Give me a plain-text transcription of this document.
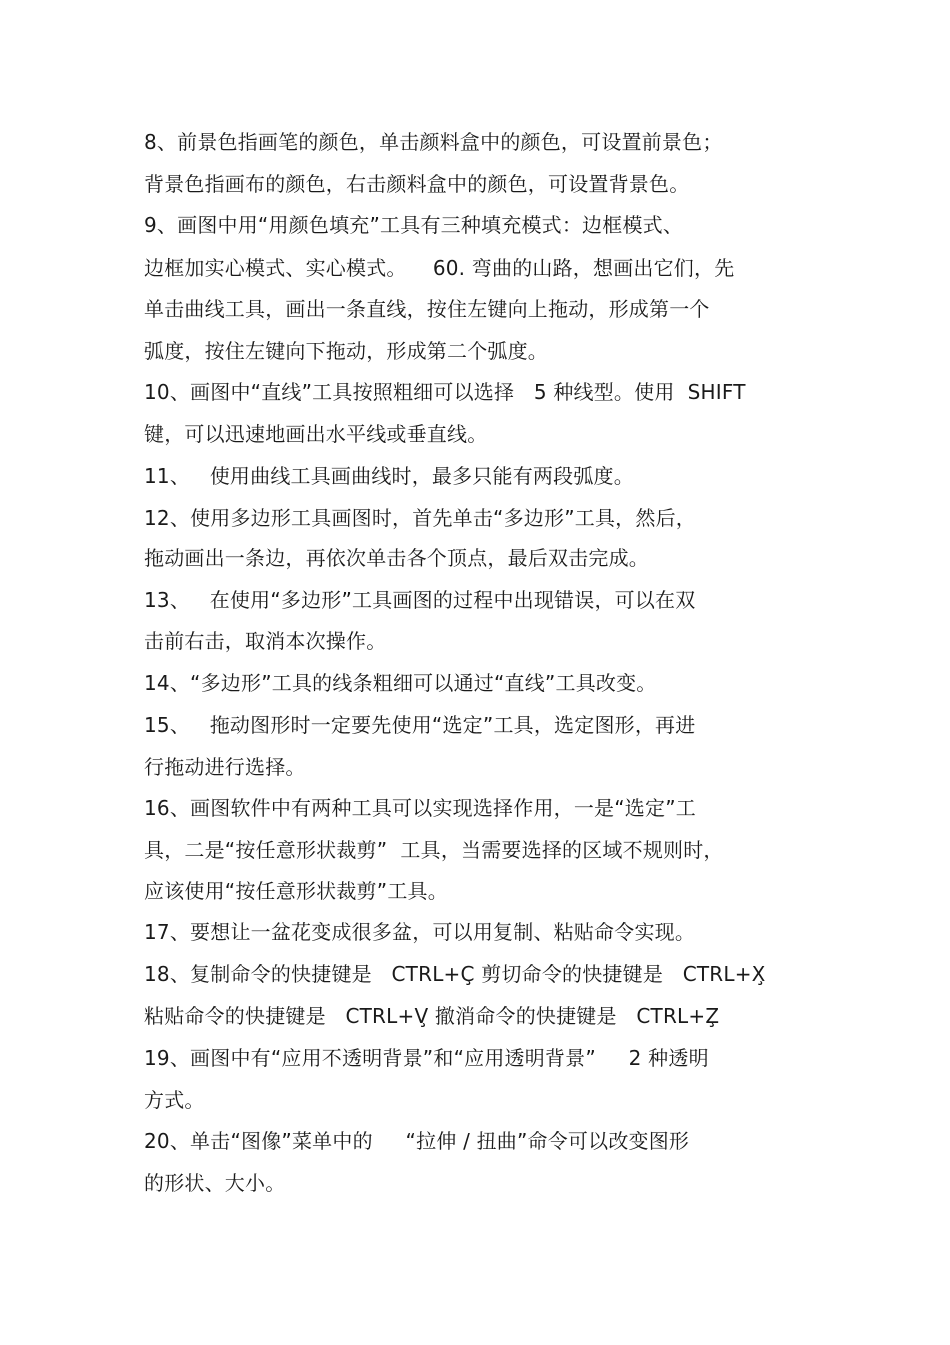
8、前景色指画笔的颜色，单击颜料盒中的颜色，可设置前景色；
背景色指画布的颜色，右击颜料盒中的颜色，可设置背景色。
9、画图中用“用颜色填充”工具有三种填充模式：边框模式、
边框加实心模式、实心模式。    60. 弯曲的山路，想画出它们，先
单击曲线工具，画出一条直线，按住左键向上拖动，形成第一个
弧度，按住左键向下拖动，形成第二个弧度。
10、画图中“直线”工具按照粗细可以选择   5 种线型。使用  SHIFT
键，可以迅速地画出水平线或垂直线。
11、   使用曲线工具画曲线时，最多只能有两段弧度。
12、使用多边形工具画图时，首先单击“多边形”工具，然后，
拖动画出一条边，再依次单击各个顶点，最后双击完成。
13、   在使用“多边形”工具画图的过程中出现错误，可以在双
击前右击，取消本次操作。
14、“多边形”工具的线条粗细可以通过“直线”工具改变。
15、   拖动图形时一定要先使用“选定”工具，选定图形，再进
行拖动进行选择。
16、画图软件中有两种工具可以实现选择作用，一是“选定”工
具，二是“按任意形状裁剪”  工具，当需要选择的区域不规则时，
应该使用“按任意形状裁剪”工具。
17、要想让一盆花变成很多盆，可以用复制、粘贴命令实现。
18、复制命令的快捷键是   CTRL+Ç 剪切命令的快捷键是   CTRL+X̧
粘贴命令的快捷键是   CTRL+V̧ 撤消命令的快捷键是   CTRL+Z̧
19、画图中有“应用不透明背景”和“应用透明背景”     2 种透明
方式。
20、单击“图像”菜单中的     “拉伸 / 扭曲”命令可以改变图形
的形状、大小。
